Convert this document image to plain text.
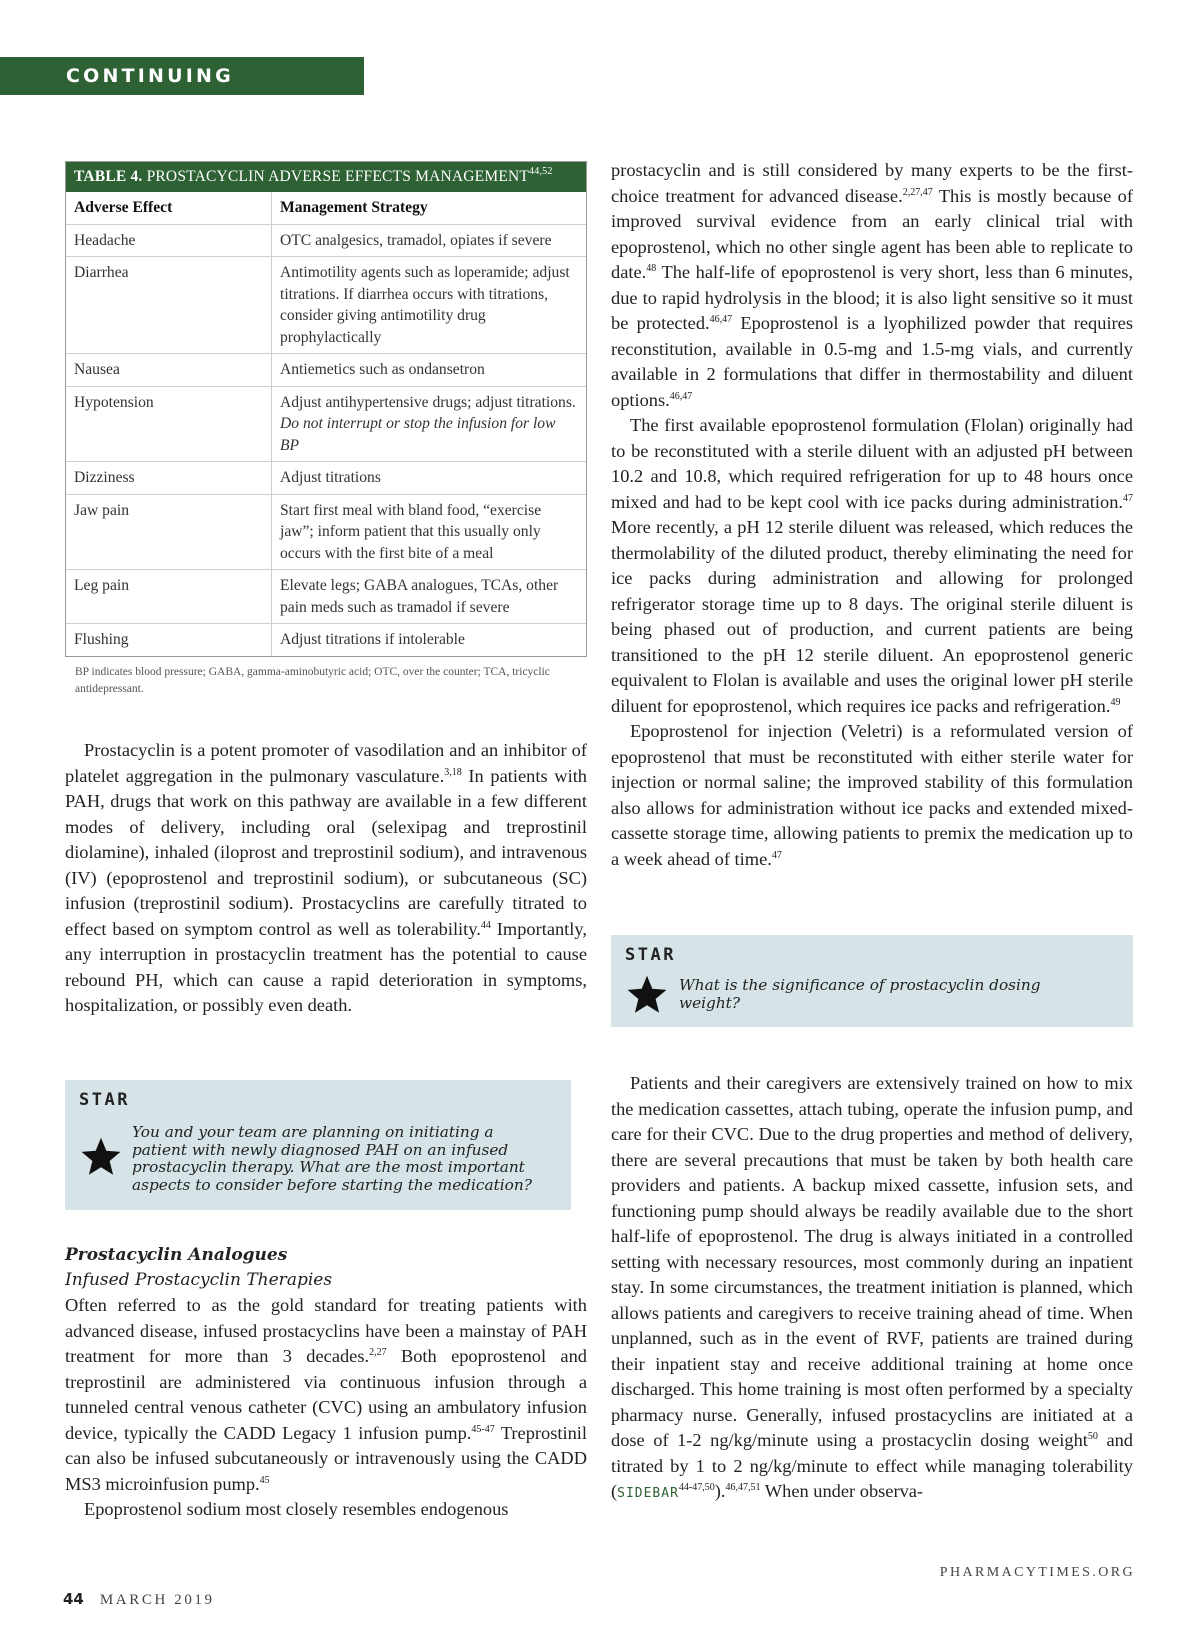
CONTINUING EDUCATION
TABLE 4. PROSTACYCLIN ADVERSE EFFECTS MANAGEMENT$^{44,52}$
Adverse Effect	Management Strategy
Headache	OTC analgesics, tramadol, opiates if severe
Diarrhea	Antimotility agents such as loperamide; adjust titrations. If diarrhea occurs with titrations, consider giving antimotility drug prophylactically
Nausea	Antiemetics such as ondansetron
Hypotension	Adjust antihypertensive drugs; adjust titrations. Do not interrupt or stop the infusion for low BP
Dizziness	Adjust titrations
Jaw pain	Start first meal with bland food, “exercise jaw”; inform patient that this usually only occurs with the first bite of a meal
Leg pain	Elevate legs; GABA analogues, TCAs, other pain meds such as tramadol if severe
Flushing	Adjust titrations if intolerable
BP indicates blood pressure; GABA, gamma-aminobutyric acid; OTC, over the counter; TCA, tricyclic antidepressant.

Prostacyclin is a potent promoter of vasodilation and an inhibitor of platelet aggregation in the pulmonary vasculature.$^{3,18}$ In patients with PAH, drugs that work on this pathway are available in a few different modes of delivery, including oral (selexipag and treprostinil diolamine), inhaled (iloprost and treprostinil sodium), and intravenous (IV) (epoprostenol and treprostinil sodium), or subcutaneous (SC) infusion (treprostinil sodium). Prostacyclins are carefully titrated to effect based on symptom control as well as tolerability.$^{44}$ Importantly, any interruption in prostacyclin treatment has the potential to cause rebound PH, which can cause a rapid deterioration in symptoms, hospitalization, or possibly even death.

STAR
You and your team are planning on initiating a patient with newly diagnosed PAH on an infused prostacyclin therapy. What are the most important aspects to consider before starting the medication?
Prostacyclin Analogues
Infused Prostacyclin Therapies

Often referred to as the gold standard for treating patients with advanced disease, infused prostacyclins have been a mainstay of PAH treatment for more than 3 decades.$^{2,27}$ Both epoprostenol and treprostinil are administered via continuous infusion through a tunneled central venous catheter (CVC) using an ambulatory infusion device, typically the CADD Legacy 1 infusion pump.$^{45-47}$ Treprostinil can also be infused subcutaneously or intravenously using the CADD MS3 microinfusion pump.$^{45}$

Epoprostenol sodium most closely resembles endogenous

prostacyclin and is still considered by many experts to be the first-choice treatment for advanced disease.$^{2,27,47}$ This is mostly because of improved survival evidence from an early clinical trial with epoprostenol, which no other single agent has been able to replicate to date.$^{48}$ The half-life of epoprostenol is very short, less than 6 minutes, due to rapid hydrolysis in the blood; it is also light sensitive so it must be protected.$^{46,47}$ Epoprostenol is a lyophilized powder that requires reconstitution, available in 0.5-mg and 1.5-mg vials, and currently available in 2 formulations that differ in thermostability and diluent options.$^{46,47}$

The first available epoprostenol formulation (Flolan) originally had to be reconstituted with a sterile diluent with an adjusted pH between 10.2 and 10.8, which required refrigeration for up to 48 hours once mixed and had to be kept cool with ice packs during administration.$^{47}$ More recently, a pH 12 sterile diluent was released, which reduces the thermolability of the diluted product, thereby eliminating the need for ice packs during administration and allowing for prolonged refrigerator storage time up to 8 days. The original sterile diluent is being phased out of production, and current patients are being transitioned to the pH 12 sterile diluent. An epoprostenol generic equivalent to Flolan is available and uses the original lower pH sterile diluent for epoprostenol, which requires ice packs and refrigeration.$^{49}$

Epoprostenol for injection (Veletri) is a reformulated version of epoprostenol that must be reconstituted with either sterile water for injection or normal saline; the improved stability of this formulation also allows for administration without ice packs and extended mixed-cassette storage time, allowing patients to premix the medication up to a week ahead of time.$^{47}$

STAR
What is the significance of prostacyclin dosing weight?

Patients and their caregivers are extensively trained on how to mix the medication cassettes, attach tubing, operate the infusion pump, and care for their CVC. Due to the drug properties and method of delivery, there are several precautions that must be taken by both health care providers and patients. A backup mixed cassette, infusion sets, and functioning pump should always be readily available due to the short half-life of epoprostenol. The drug is always initiated in a controlled setting with necessary resources, most commonly during an inpatient stay. In some circumstances, the treatment initiation is planned, which allows patients and caregivers to receive training ahead of time. When unplanned, such as in the event of RVF, patients are trained during their inpatient stay and receive additional training at home once discharged. This home training is most often performed by a specialty pharmacy nurse. Generally, infused prostacyclins are initiated at a dose of 1-2 ng/kg/minute using a prostacyclin dosing weight$^{50}$ and titrated by 1 to 2 ng/kg/minute to effect while managing tolerability (SIDEBAR$^{44-47,50}$).$^{46,47,51}$ When under observa-

44 MARCH 2019
PHARMACYTIMES.ORG
